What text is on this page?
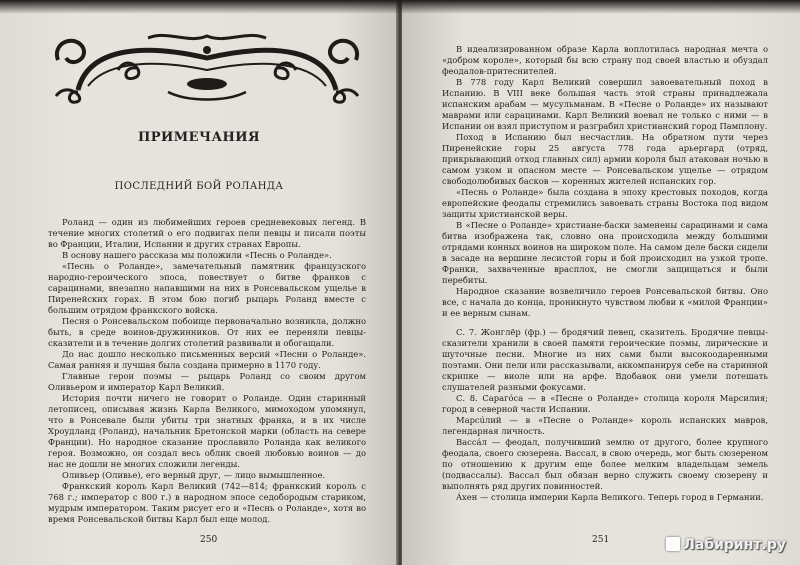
ПРИМЕЧАНИЯ
ПОСЛЕДНИЙ БОЙ РОЛАНДА

Роланд — один из любимейших героев средневековых легенд. В течение многих столетий о его подвигах пели певцы и писали поэты во Франции, Италии, Испании и других странах Европы.

В основу нашего рассказа мы положили «Песнь о Роланде».

«Песнь о Роланде», замечательный памятник французского народно-героического эпоса, повествует о битве франков с сарацинами, внезапно напавшими на них в Ронсевальском ущелье в Пиренейских горах. В этом бою погиб рыцарь Роланд вместе с большим отрядом франкского войска.

Песня о Ронсевальском побоище первоначально возникла, должно быть, в среде воинов-дружинников. От них ее переняли певцы-сказители и в течение долгих столетий развивали и обогащали.

До нас дошло несколько письменных версий «Песни о Роланде». Самая ранняя и лучшая была создана примерно в 1170 году.

Главные герои поэмы — рыцарь Роланд со своим другом Оливьером и император Карл Великий.

История почти ничего не говорит о Роланде. Один старинный летописец, описывая жизнь Карла Великого, мимоходом упомянул, что в Ронсевале были убиты три знатных франка, и в их числе Хроудланд (Роланд), начальник Бретонской марки (область на севере Франции). Но народное сказание прославило Роланда как великого героя. Возможно, он создал весь облик своей любовью воинов — до нас не дошли не многих сложили легенды.

Оливьер (Оливье), его верный друг, — лицо вымышленное.

Франкский король Карл Великий (742—814; франкский король с 768 г.; император с 800 г.) в народном эпосе седобородым стариком, мудрым императором. Таким рисует его и «Песнь о Роланде», хотя во время Ронсевальской битвы Карл был еще молод.

250

В идеализированном образе Карла воплотилась народная мечта о «добром короле», который бы всю страну под своей властью и обуздал феодалов-притеснителей.

В 778 году Карл Великий совершил завоевательный поход в Испанию. В VIII веке большая часть этой страны принадлежала испанским арабам — мусульманам. В «Песне о Роланде» их называют маврами или сарацинами. Карл Великий воевал не только с ними — в Испании он взял приступом и разграбил христианский город Памплону.

Поход в Испанию был несчастлив. На обратном пути через Пиренейские горы 25 августа 778 года арьергард (отряд, прикрывающий отход главных сил) армии короля был атакован ночью в самом узком и опасном месте — Ронсевальском ущелье — отрядом свободолюбивых басков — коренных жителей испанских гор.

«Песнь о Роланде» была создана в эпоху крестовых походов, когда европейские феодалы стремились завоевать страны Востока под видом защиты христианской веры.

В «Песне о Роланде» христиане-баски заменены сарацинами и сама битва изображена так, словно она происходила между большими отрядами конных воинов на широком поле. На самом деле баски сидели в засаде на вершине лесистой горы и бой происходил на узкой тропе. Франки, захваченные врасплох, не смогли защищаться и были перебиты.

Народное сказание возвеличило героев Ронсевальской битвы. Оно все, с начала до конца, проникнуто чувством любви к «милой Франции» и ее верным сынам.

С. 7. Жонглёр (фр.) — бродячий певец, сказитель. Бродячие певцы-сказители хранили в своей памяти героические поэмы, лирические и шуточные песни. Многие из них сами были высокоодаренными поэтами. Они пели или рассказывали, аккомпанируя себе на старинной скрипке — виоле или на арфе. Вдобавок они умели потешать слушателей разными фокусами.

С. 8. Сарагóса — в «Песне о Роланде» столица короля Марсилия; город в северной части Испании.

Марсúлий — в «Песне о Роланде» король испанских мавров, легендарная личность.

Вассáл — феодал, получивший землю от другого, более крупного феодала, своего сюзерена. Вассал, в свою очередь, мог быть сюзереном по отношению к другим еще более мелким владельцам земель (подвассалы). Вассал был обязан верно служить своему сюзерену и выполнять ряд других повинностей.

Áхен — столица империи Карла Великого. Теперь город в Германии.

251	Лабиринт.ру
